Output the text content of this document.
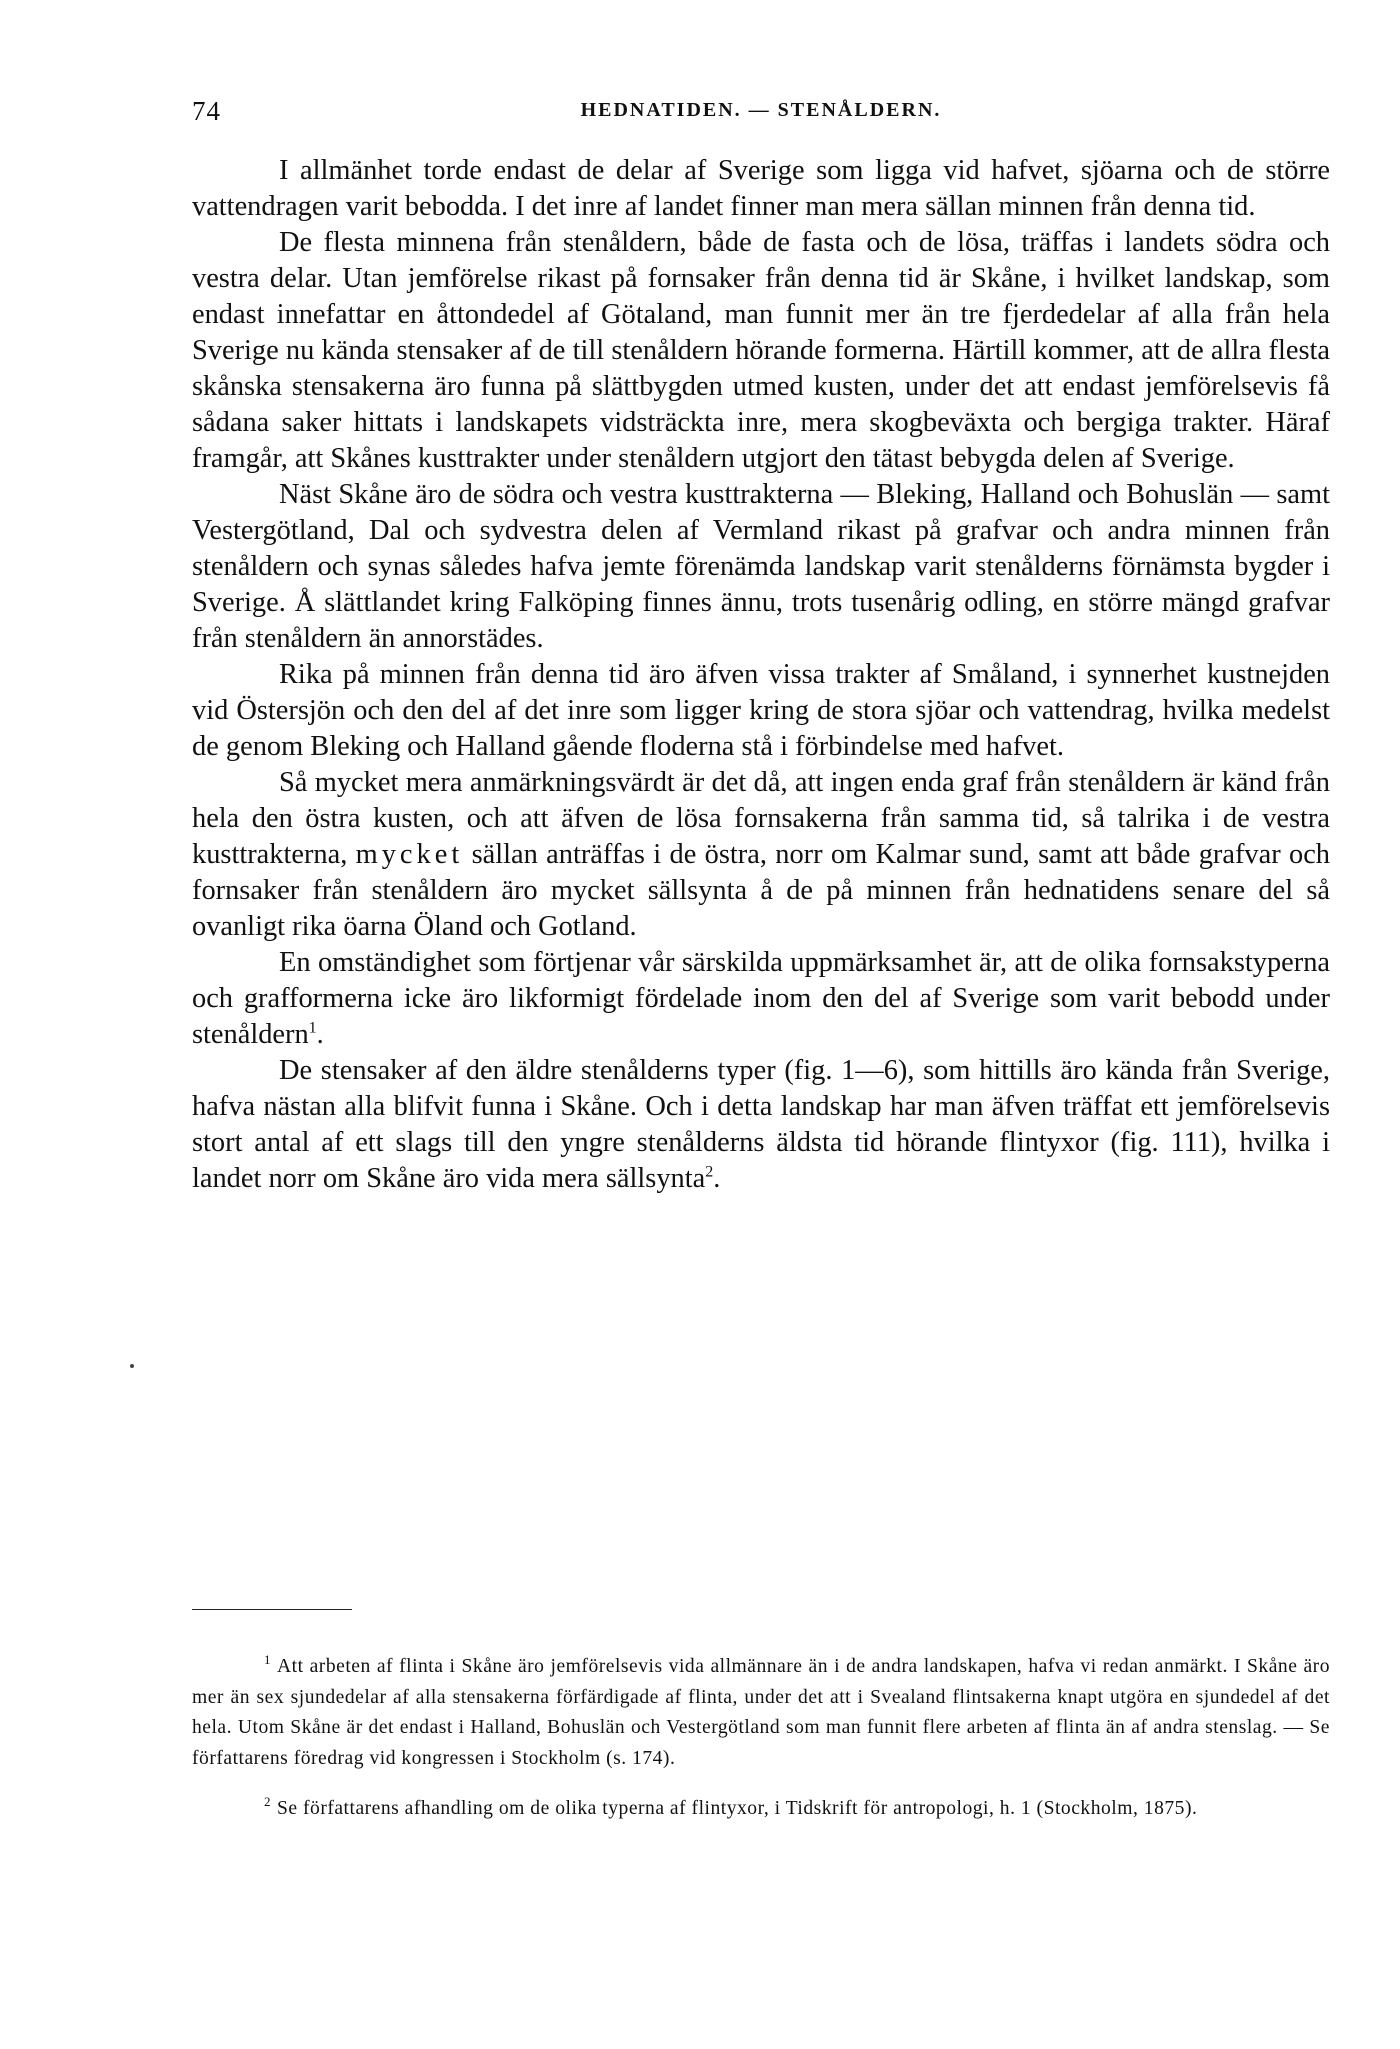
74	HEDNATIDEN. — STENÅLDERN.

I allmänhet torde endast de delar af Sverige som ligga vid hafvet, sjöarna och de större vattendragen varit bebodda. I det inre af landet finner man mera sällan minnen från denna tid.

De flesta minnena från stenåldern, både de fasta och de lösa, träffas i landets södra och vestra delar. Utan jemförelse rikast på fornsaker från denna tid är Skåne, i hvilket landskap, som endast innefattar en åttondedel af Götaland, man funnit mer än tre fjerdedelar af alla från hela Sverige nu kända stensaker af de till stenåldern hörande formerna. Härtill kommer, att de allra flesta skånska stensakerna äro funna på slättbygden utmed kusten, under det att endast jemförelsevis få sådana saker hittats i landskapets vidsträckta inre, mera skogbeväxta och bergiga trakter. Häraf framgår, att Skånes kusttrakter under stenåldern utgjort den tätast bebygda delen af Sverige.

Näst Skåne äro de södra och vestra kusttrakterna — Bleking, Halland och Bohuslän — samt Vestergötland, Dal och sydvestra delen af Vermland rikast på grafvar och andra minnen från stenåldern och synas således hafva jemte förenämda landskap varit stenålderns förnämsta bygder i Sverige. Å slättlandet kring Falköping finnes ännu, trots tusenårig odling, en större mängd grafvar från stenåldern än annorstädes.

Rika på minnen från denna tid äro äfven vissa trakter af Småland, i synnerhet kustnejden vid Östersjön och den del af det inre som ligger kring de stora sjöar och vattendrag, hvilka medelst de genom Bleking och Halland gående floderna stå i förbindelse med hafvet.

Så mycket mera anmärkningsvärdt är det då, att ingen enda graf från stenåldern är känd från hela den östra kusten, och att äfven de lösa fornsakerna från samma tid, så talrika i de vestra kusttrakterna, mycket sällan anträffas i de östra, norr om Kalmar sund, samt att både grafvar och fornsaker från stenåldern äro mycket sällsynta å de på minnen från hednatidens senare del så ovanligt rika öarna Öland och Gotland.

En omständighet som förtjenar vår särskilda uppmärksamhet är, att de olika fornsakstyperna och grafformerna icke äro likformigt fördelade inom den del af Sverige som varit bebodd under stenåldern$^1$.

De stensaker af den äldre stenålderns typer (fig. 1—6), som hittills äro kända från Sverige, hafva nästan alla blifvit funna i Skåne. Och i detta landskap har man äfven träffat ett jemförelsevis stort antal af ett slags till den yngre stenålderns äldsta tid hörande flintyxor (fig. 111), hvilka i landet norr om Skåne äro vida mera sällsynta$^2$.

$^1$ Att arbeten af flinta i Skåne äro jemförelsevis vida allmännare än i de andra landskapen, hafva vi redan anmärkt. I Skåne äro mer än sex sjundedelar af alla stensakerna förfärdigade af flinta, under det att i Svealand flintsakerna knapt utgöra en sjundedel af det hela. Utom Skåne är det endast i Halland, Bohuslän och Vestergötland som man funnit flere arbeten af flinta än af andra stenslag. — Se författarens föredrag vid kongressen i Stockholm (s. 174).

$^2$ Se författarens afhandling om de olika typerna af flintyxor, i Tidskrift för antropologi, h. 1 (Stockholm, 1875).
